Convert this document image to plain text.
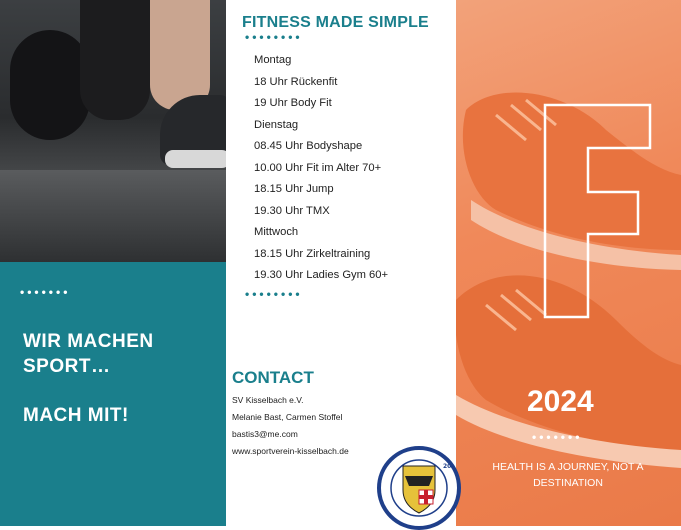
•••••••
WIR MACHEN
SPORT…
MACH MIT!
FITNESS MADE SIMPLE
••••••••
Montag
18 Uhr Rückenfit
19 Uhr Body Fit
Dienstag
08.45 Uhr Bodyshape
10.00 Uhr Fit im Alter 70+
18.15 Uhr Jump
19.30 Uhr TMX
Mittwoch
18.15 Uhr Zirkeltraining
19.30 Uhr Ladies Gym 60+
••••••••
CONTACT
SV Kisselbach e.V.
Melanie Bast, Carmen Stoffel
bastis3@me.com
www.sportverein-kisselbach.de
2024
•••••••
HEALTH IS A JOURNEY, NOT A DESTINATION
20
